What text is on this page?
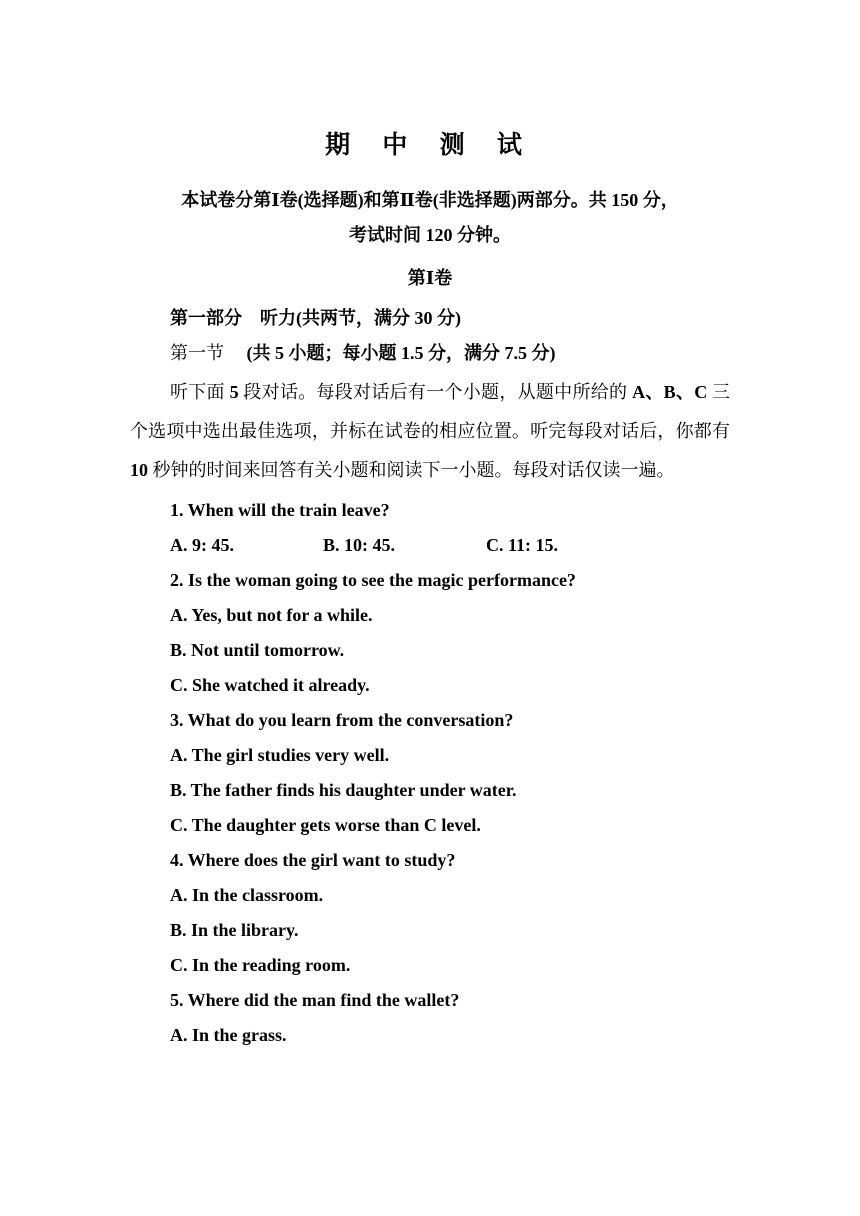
期 中 测 试
本试卷分第Ⅰ卷(选择题)和第Ⅱ卷(非选择题)两部分。共 150 分，
考试时间 120 分钟。
第Ⅰ卷
第一部分　听力(共两节，满分 30 分)
第一节　 (共 5 小题；每小题 1.5 分，满分 7.5 分)
听下面 5 段对话。每段对话后有一个小题，从题中所给的 A、B、C 三个选项中选出最佳选项，并标在试卷的相应位置。听完每段对话后，你都有 10 秒钟的时间来回答有关小题和阅读下一小题。每段对话仅读一遍。
1. When will the train leave?
A. 9: 45.	B. 10: 45.	C. 11: 15.
2. Is the woman going to see the magic performance?
A. Yes, but not for a while.
B. Not until tomorrow.
C. She watched it already.
3. What do you learn from the conversation?
A. The girl studies very well.
B. The father finds his daughter under water.
C. The daughter gets worse than C level.
4. Where does the girl want to study?
A. In the classroom.
B. In the library.
C. In the reading room.
5. Where did the man find the wallet?
A. In the grass.
